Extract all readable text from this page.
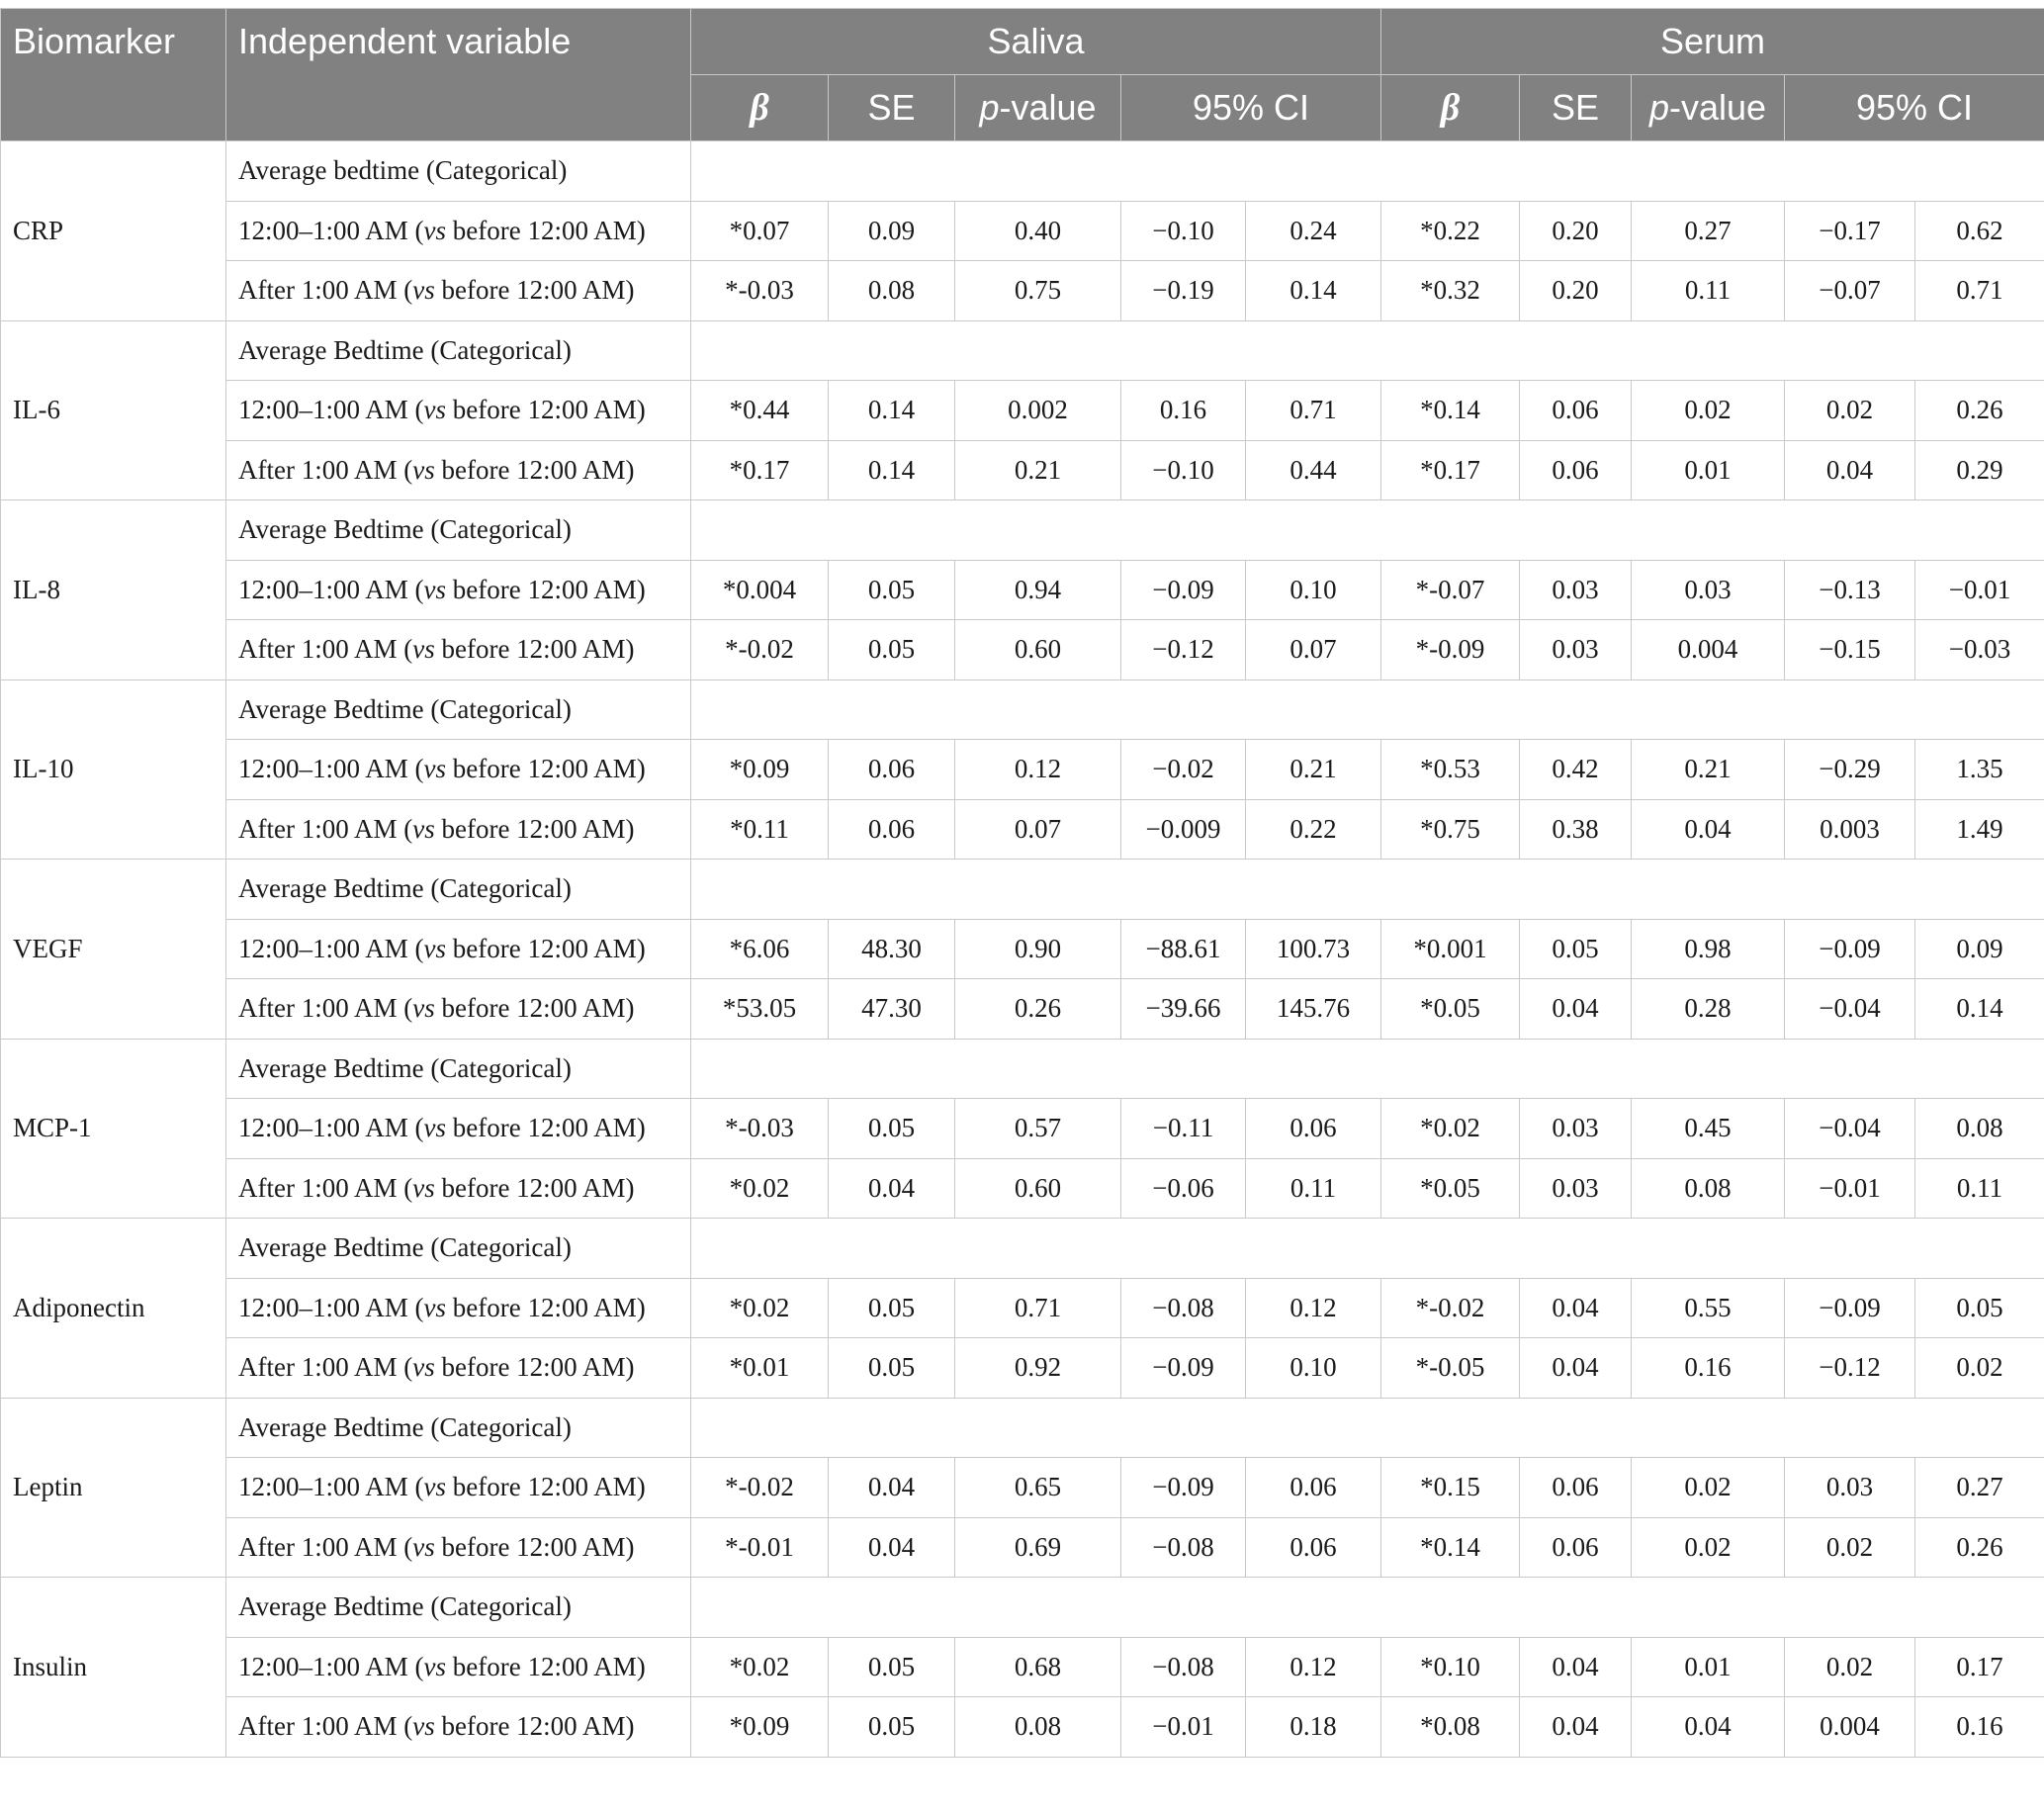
Biomarker	Independent variable	Saliva					Serum				
		β	SE	p-value	95% CI		β	SE	p-value	95% CI	
CRP	Average bedtime (Categorical)										
	12:00–1:00 AM (vs before 12:00 AM)	*0.07	0.09	0.40	−0.10	0.24	*0.22	0.20	0.27	−0.17	0.62
	After 1:00 AM (vs before 12:00 AM)	*-0.03	0.08	0.75	−0.19	0.14	*0.32	0.20	0.11	−0.07	0.71
IL-6	Average Bedtime (Categorical)										
	12:00–1:00 AM (vs before 12:00 AM)	*0.44	0.14	0.002	0.16	0.71	*0.14	0.06	0.02	0.02	0.26
	After 1:00 AM (vs before 12:00 AM)	*0.17	0.14	0.21	−0.10	0.44	*0.17	0.06	0.01	0.04	0.29
IL-8	Average Bedtime (Categorical)										
	12:00–1:00 AM (vs before 12:00 AM)	*0.004	0.05	0.94	−0.09	0.10	*-0.07	0.03	0.03	−0.13	−0.01
	After 1:00 AM (vs before 12:00 AM)	*-0.02	0.05	0.60	−0.12	0.07	*-0.09	0.03	0.004	−0.15	−0.03
IL-10	Average Bedtime (Categorical)										
	12:00–1:00 AM (vs before 12:00 AM)	*0.09	0.06	0.12	−0.02	0.21	*0.53	0.42	0.21	−0.29	1.35
	After 1:00 AM (vs before 12:00 AM)	*0.11	0.06	0.07	−0.009	0.22	*0.75	0.38	0.04	0.003	1.49
VEGF	Average Bedtime (Categorical)										
	12:00–1:00 AM (vs before 12:00 AM)	*6.06	48.30	0.90	−88.61	100.73	*0.001	0.05	0.98	−0.09	0.09
	After 1:00 AM (vs before 12:00 AM)	*53.05	47.30	0.26	−39.66	145.76	*0.05	0.04	0.28	−0.04	0.14
MCP-1	Average Bedtime (Categorical)										
	12:00–1:00 AM (vs before 12:00 AM)	*-0.03	0.05	0.57	−0.11	0.06	*0.02	0.03	0.45	−0.04	0.08
	After 1:00 AM (vs before 12:00 AM)	*0.02	0.04	0.60	−0.06	0.11	*0.05	0.03	0.08	−0.01	0.11
Adiponectin	Average Bedtime (Categorical)										
	12:00–1:00 AM (vs before 12:00 AM)	*0.02	0.05	0.71	−0.08	0.12	*-0.02	0.04	0.55	−0.09	0.05
	After 1:00 AM (vs before 12:00 AM)	*0.01	0.05	0.92	−0.09	0.10	*-0.05	0.04	0.16	−0.12	0.02
Leptin	Average Bedtime (Categorical)										
	12:00–1:00 AM (vs before 12:00 AM)	*-0.02	0.04	0.65	−0.09	0.06	*0.15	0.06	0.02	0.03	0.27
	After 1:00 AM (vs before 12:00 AM)	*-0.01	0.04	0.69	−0.08	0.06	*0.14	0.06	0.02	0.02	0.26
Insulin	Average Bedtime (Categorical)										
	12:00–1:00 AM (vs before 12:00 AM)	*0.02	0.05	0.68	−0.08	0.12	*0.10	0.04	0.01	0.02	0.17
	After 1:00 AM (vs before 12:00 AM)	*0.09	0.05	0.08	−0.01	0.18	*0.08	0.04	0.04	0.004	0.16
